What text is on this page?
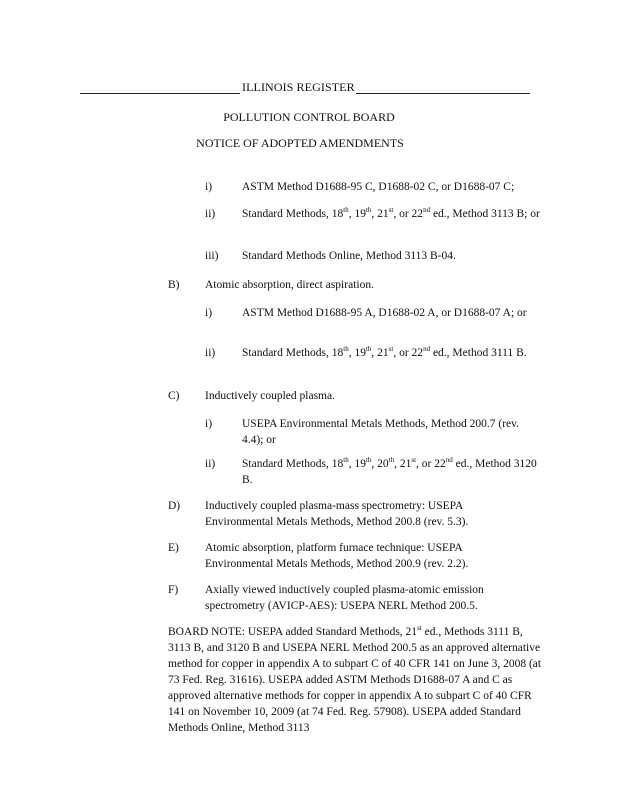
ILLINOIS REGISTER
POLLUTION CONTROL BOARD
NOTICE OF ADOPTED AMENDMENTS
i)	ASTM Method D1688-95 C, D1688-02 C, or D1688-07 C;
ii) Standard Methods, 18th, 19th, 21st, or 22nd ed., Method 3113 B; or
iii) Standard Methods Online, Method 3113 B-04.
B) Atomic absorption, direct aspiration.
i)	ASTM Method D1688-95 A, D1688-02 A, or D1688-07 A; or
ii) Standard Methods, 18th, 19th, 21st, or 22nd ed., Method 3111 B.
C) Inductively coupled plasma.
i)	USEPA Environmental Metals Methods, Method 200.7 (rev. 4.4); or
ii) Standard Methods, 18th, 19th, 20th, 21st, or 22nd ed., Method 3120 B.
D) Inductively coupled plasma-mass spectrometry: USEPA Environmental Metals Methods, Method 200.8 (rev. 5.3).
E) Atomic absorption, platform furnace technique: USEPA Environmental Metals Methods, Method 200.9 (rev. 2.2).
F) Axially viewed inductively coupled plasma-atomic emission spectrometry (AVICP-AES): USEPA NERL Method 200.5.
BOARD NOTE: USEPA added Standard Methods, 21st ed., Methods 3111 B, 3113 B, and 3120 B and USEPA NERL Method 200.5 as an approved alternative method for copper in appendix A to subpart C of 40 CFR 141 on June 3, 2008 (at 73 Fed. Reg. 31616). USEPA added ASTM Methods D1688-07 A and C as approved alternative methods for copper in appendix A to subpart C of 40 CFR 141 on November 10, 2009 (at 74 Fed. Reg. 57908). USEPA added Standard Methods Online, Method 3113
